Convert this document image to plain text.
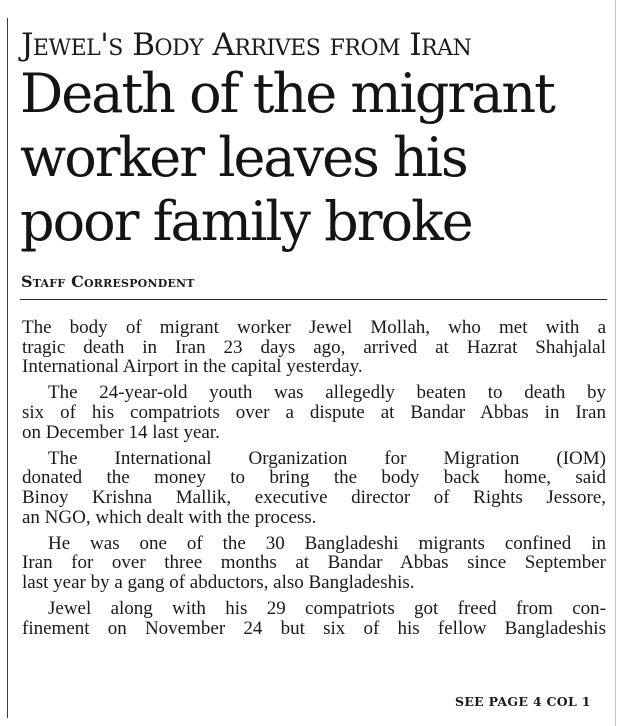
Jewel's Body Arrives from Iran
Death of the migrant
worker leaves his
poor family broke
Staff Correspondent

The body of migrant worker Jewel Mollah, who met with a
tragic death in Iran 23 days ago, arrived at Hazrat Shahjalal
International Airport in the capital yesterday.

The 24-year-old youth was allegedly beaten to death by
six of his compatriots over a dispute at Bandar Abbas in Iran
on December 14 last year.

The International Organization for Migration (IOM)
donated the money to bring the body back home, said
Binoy Krishna Mallik, executive director of Rights Jessore,
an NGO, which dealt with the process.

He was one of the 30 Bangladeshi migrants confined in
Iran for over three months at Bandar Abbas since September
last year by a gang of abductors, also Bangladeshis.

Jewel along with his 29 compatriots got freed from con-
finement on November 24 but six of his fellow Bangladeshis

SEE PAGE 4 COL 1
